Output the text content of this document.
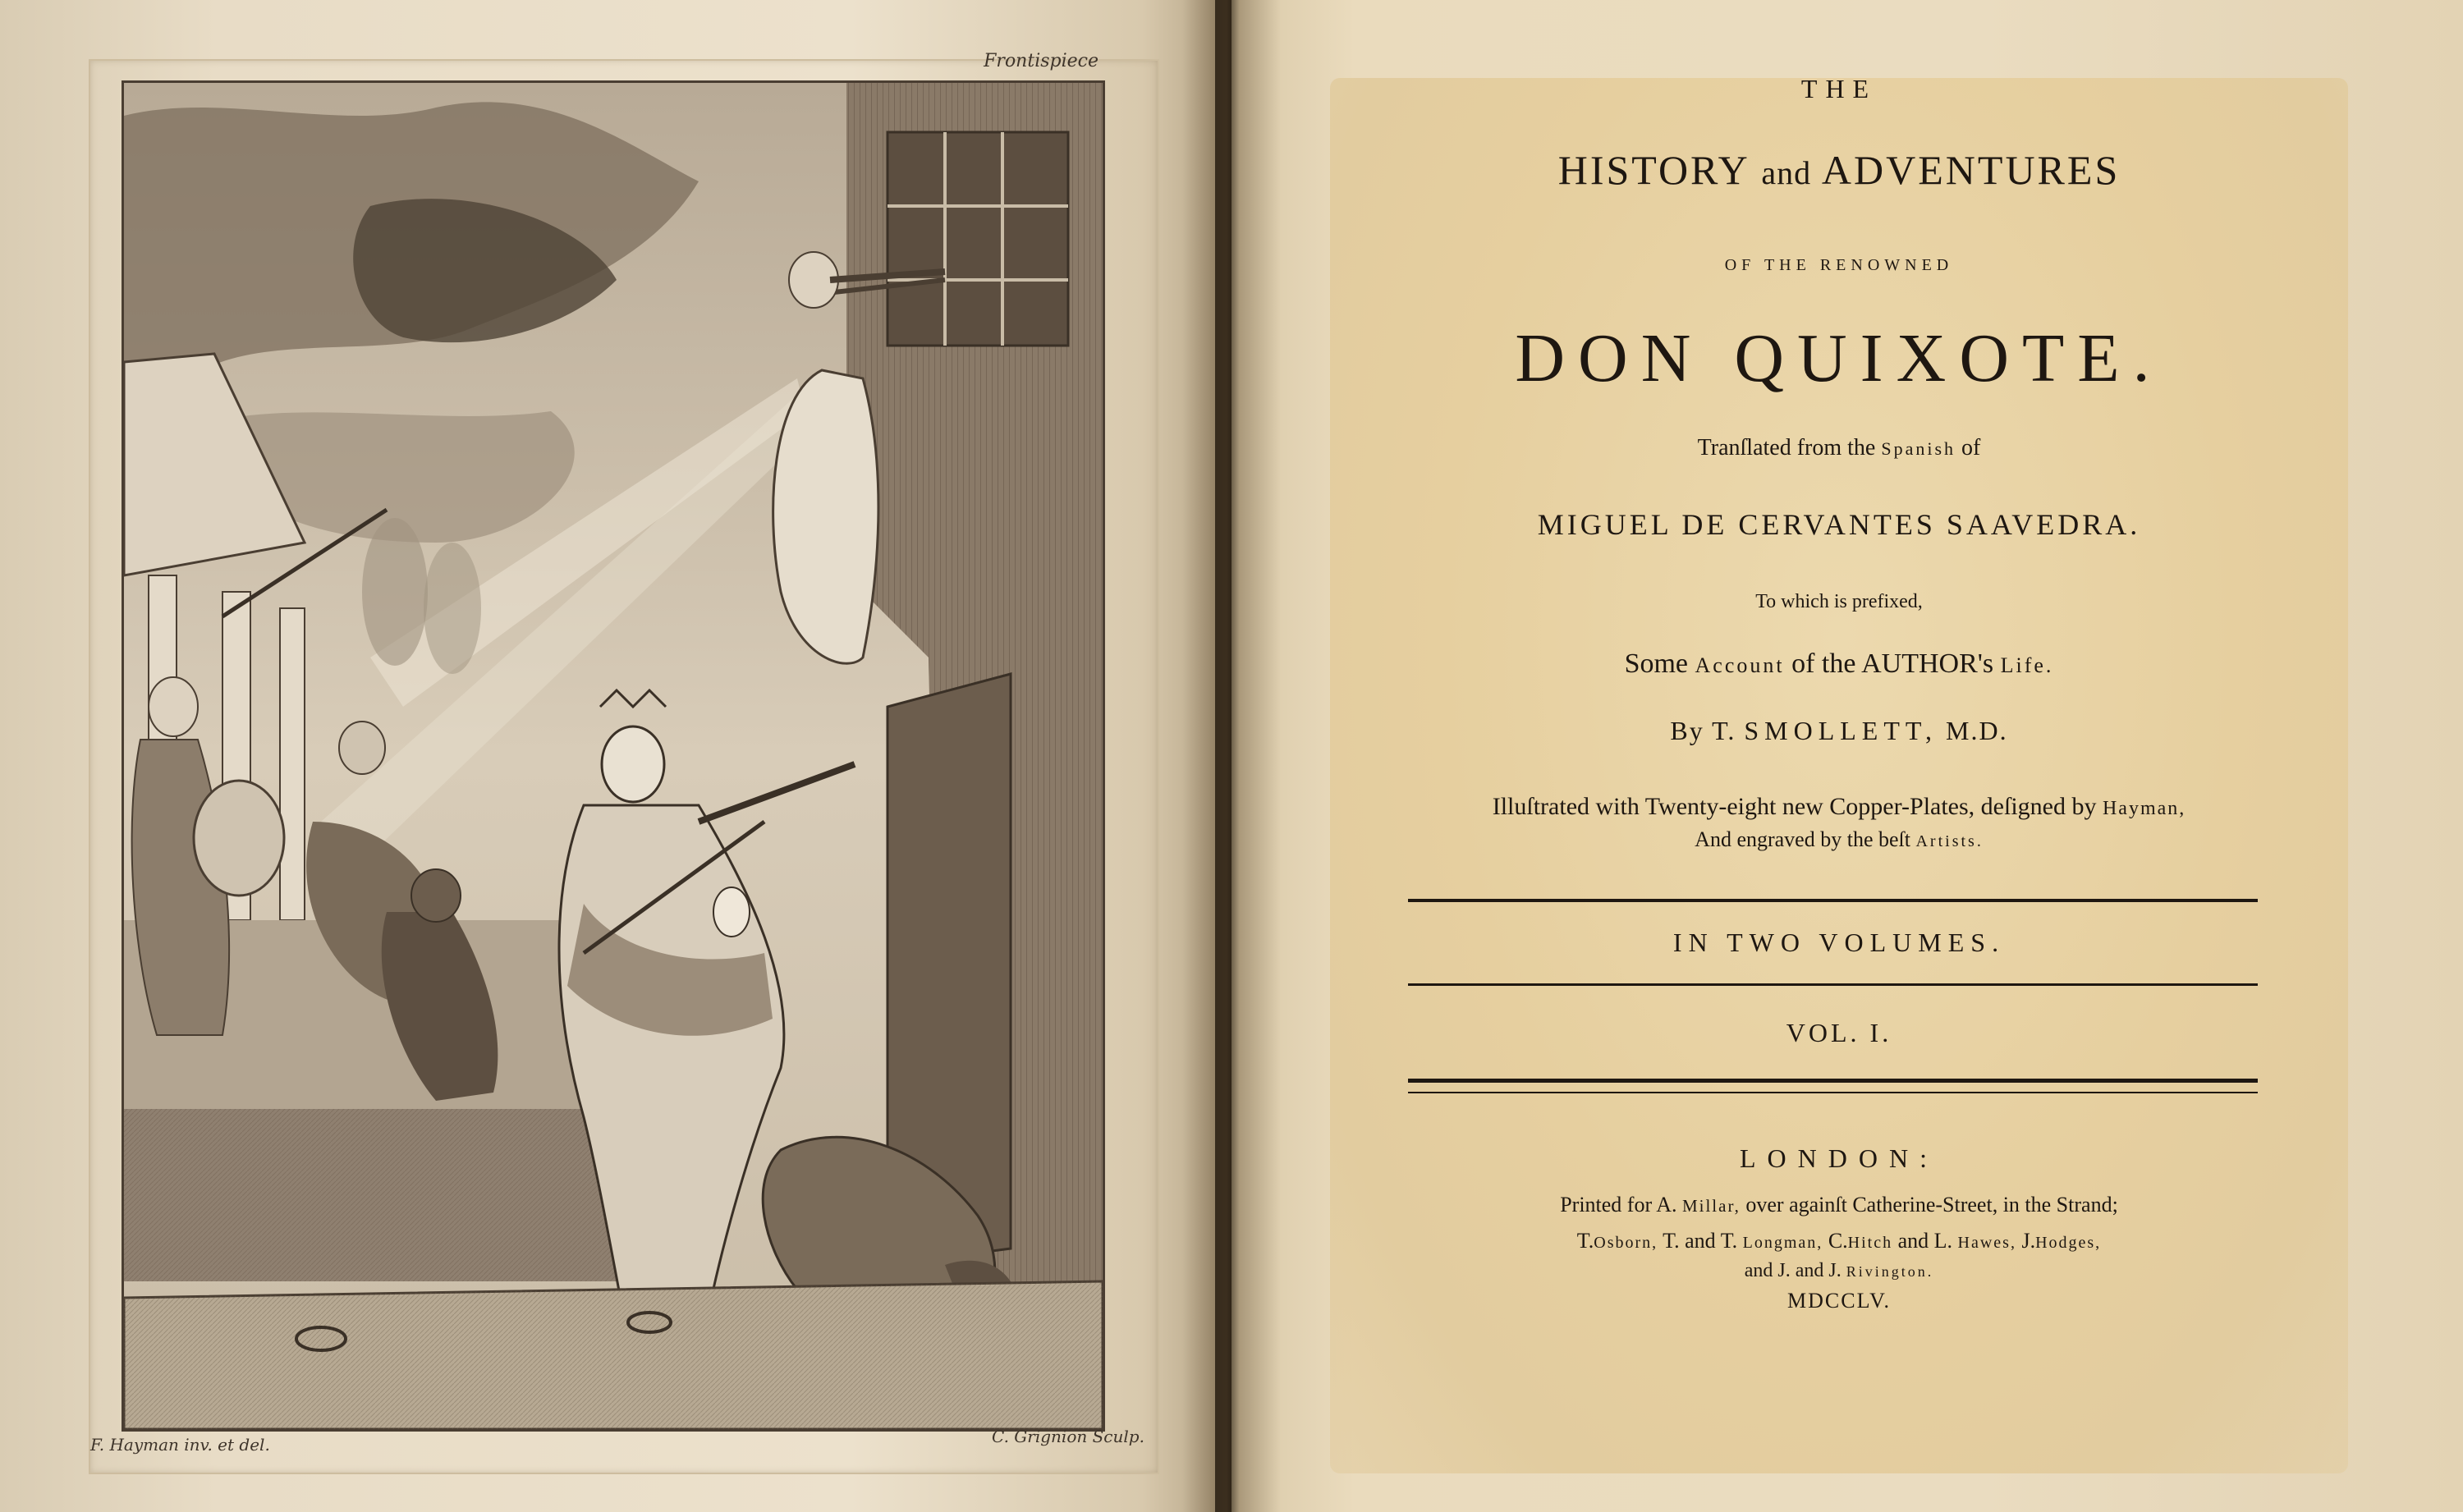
Frontispiece
F. Hayman inv. et del.	C. Grignion Sculp.
THE
HISTORY and ADVENTURES
OF THE RENOWNED
DON QUIXOTE.
Tranſlated from the Spanish of
MIGUEL DE CERVANTES SAAVEDRA.
To which is prefixed,
Some Account of the AUTHOR's Life.
By T. SMOLLETT, M.D.
Illuſtrated with Twenty-eight new Copper-Plates, deſigned by Hayman,
And engraved by the beſt Artists.
IN TWO VOLUMES.
VOL. I.
LONDON:
Printed for A. Millar, over againſt Catherine-Street, in the Strand;
T.Osborn, T. and T. Longman, C.Hitch and L. Hawes, J.Hodges,
and J. and J. Rivington.
MDCCLV.
